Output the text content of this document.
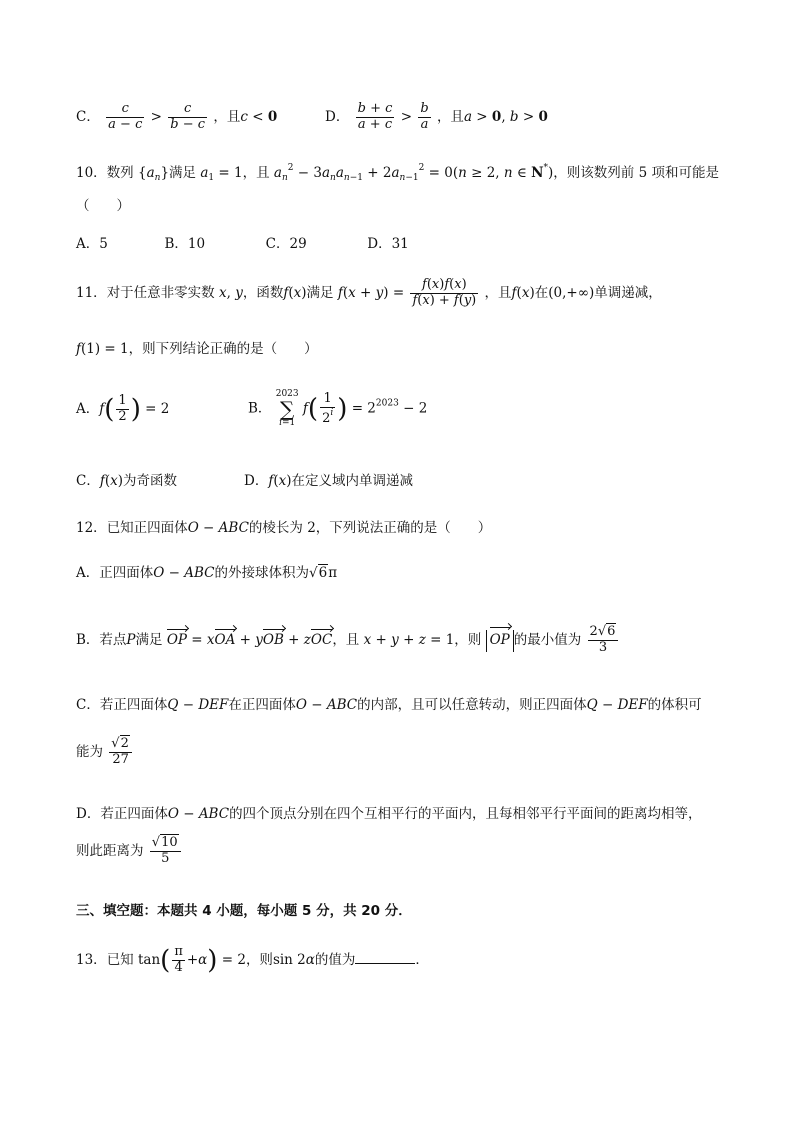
C． $\frac{c}{a - c} > \frac{c}{b - c}$ ，且c < 0	D． $\frac{b + c}{a + c} > \frac{b}{a}$ ，且a > 0, b > 0
10．数列 $\{a_n\}$满足 $a_1 = 1$，且 $a_n^2 - 3a_na_{n-1} + 2a_{n-1}^2 = 0(n \ge 2$, n ∈ N*)，则该数列前 5 项和可能是
（　　）
A．5	B．10	C．29	D．31
11．对于任意非零实数 x, y，函数f(x)满足 $f(x + y) = \frac{f(x)f(x)}{f(x) + f(y)}$ ，且f(x)在(0,+∞)单调递减，
f(1) = 1，则下列结论正确的是（　　）
A．$f( \frac{1}{2}$ ) = 2	B．
2023
∑
i=1
$f( \frac{1}{2^i}$ ) = $2^{2023} - 2$
C．f(x)为奇函数	D．f(x)在定义域内单调递减
12．已知正四面体O − ABC的棱长为 2，下列说法正确的是（　　）
A．正四面体O − ABC的外接球体积为√6π
B．若点P满足 OP = xOA + yOB + zOC，且 x + y + z = 1，则 OP 的最小值为 $\frac{2√6}{3}$
C．若正四面体Q − DEF在正四面体O − ABC的内部，且可以任意转动，则正四面体Q − DEF的体积可
能为 $\frac{√2}{27}$
D．若正四面体O − ABC的四个顶点分别在四个互相平行的平面内，且每相邻平行平面间的距离均相等，
则此距离为 $\frac{√10}{5}$
三、填空题：本题共 4 小题，每小题 5 分，共 20 分．
13．已知 $\tan( \frac{\pi}{4} +\alpha) = 2$，则sin 2α的值为	．
